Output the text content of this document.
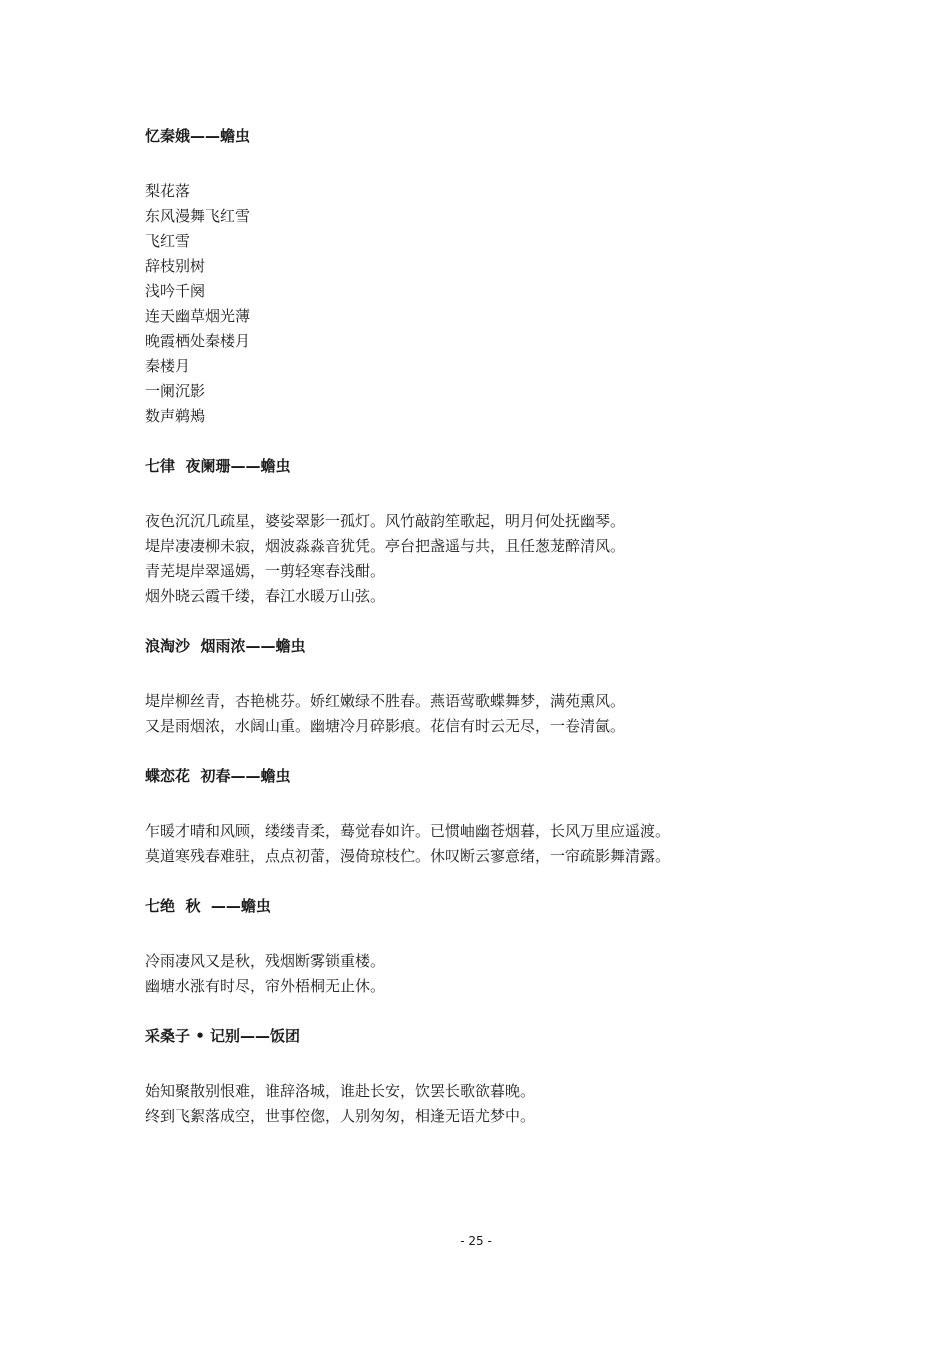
忆秦娥——蟾虫
梨花落
东风漫舞飞红雪
飞红雪
辞枝别树
浅吟千阕
连天幽草烟光薄
晚霞栖处秦楼月
秦楼月
一阑沉影
数声鹈鴂
七律  夜阑珊——蟾虫
夜色沉沉几疏星，婆娑翠影一孤灯。风竹敲韵笙歌起，明月何处抚幽琴。
堤岸凄凄柳未寂，烟波淼淼音犹凭。亭台把盏遥与共，且任葱茏醉清风。
青芜堤岸翠遥嫣，一剪轻寒春浅酣。
烟外晓云霞千缕，春江水暖万山弦。
浪淘沙  烟雨浓——蟾虫
堤岸柳丝青，杏艳桃芬。娇红嫩绿不胜春。燕语莺歌蝶舞梦，满苑熏风。
又是雨烟浓，水阔山重。幽塘冷月碎影痕。花信有时云无尽，一卷清氤。
蝶恋花  初春——蟾虫
乍暖才晴和风顾，缕缕青柔，蓦觉春如许。已惯岫幽苍烟暮，长风万里应遥渡。
莫道寒残春难驻，点点初蕾，漫倚琼枝伫。休叹断云寥意绪，一帘疏影舞清露。
七绝  秋  ——蟾虫
冷雨凄风又是秋，残烟断雾锁重楼。
幽塘水涨有时尽，帘外梧桐无止休。
采桑子 • 记别——饭团
始知聚散别恨难，谁辞洛城，谁赴长安，饮罢长歌欲暮晚。
终到飞絮落成空，世事倥偬，人别匆匆，相逢无语尤梦中。
- 25 -
